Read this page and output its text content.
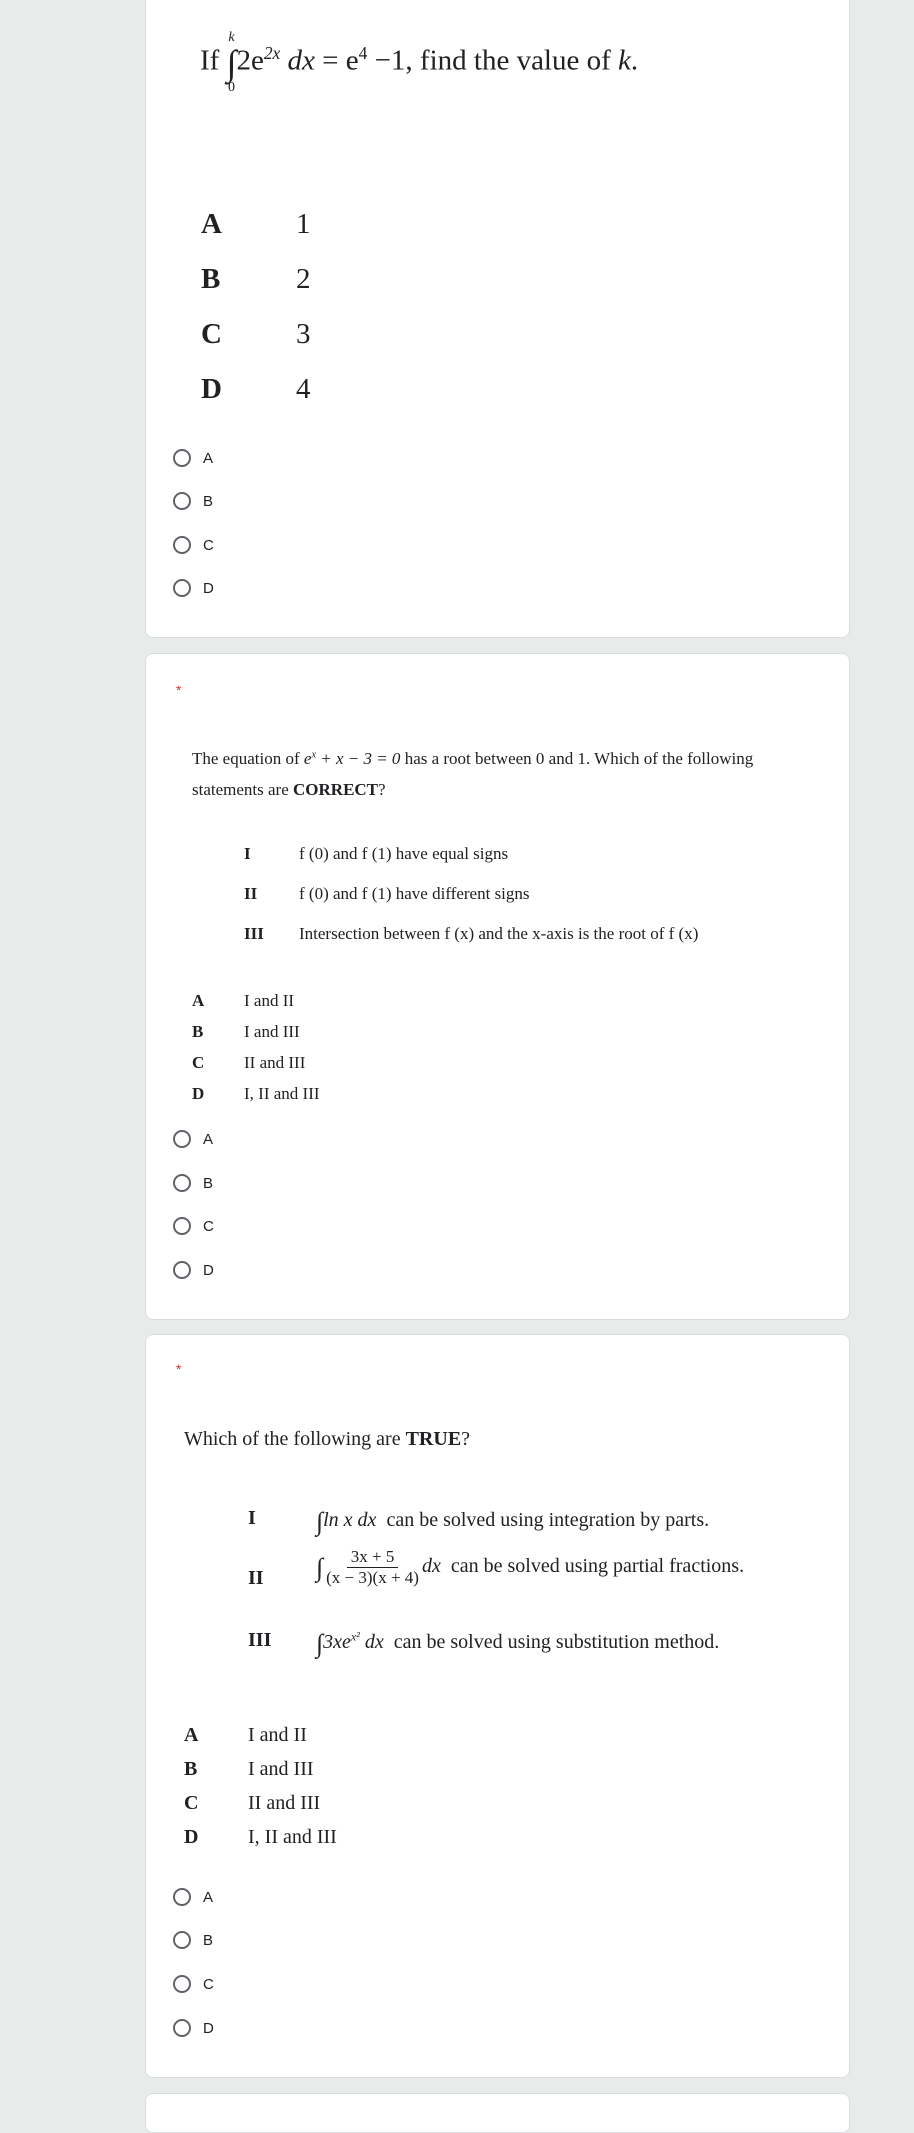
If
k
∫
0
$2e^{2x}$ dx = $e^4 -1$, find the value of k.
A	1
B	2
C	3
D	4
A
B
C
D
*
The equation of $e^x + x - 3 = 0$ has a root between 0 and 1. Which of the following
statements are CORRECT?
I	f (0) and f (1) have equal signs
II f (0) and f (1) have different signs
III Intersection between f (x) and the x-axis is the root of f (x)
A I and II
B I and III
C II and III
D I, II and III
A
B
C
D
*
Which of the following are TRUE?
I ∫ln x dx can be solved using integration by parts.
II ∫ $\frac{3x + 5}{(x - 3)(x + 4)}$ dx can be solved using partial fractions.
III $\int 3xe^{x^2}$ dx can be solved using substitution method.
A I and II
B	I and III
C II and III
D I, II and III
A
B
C
D
